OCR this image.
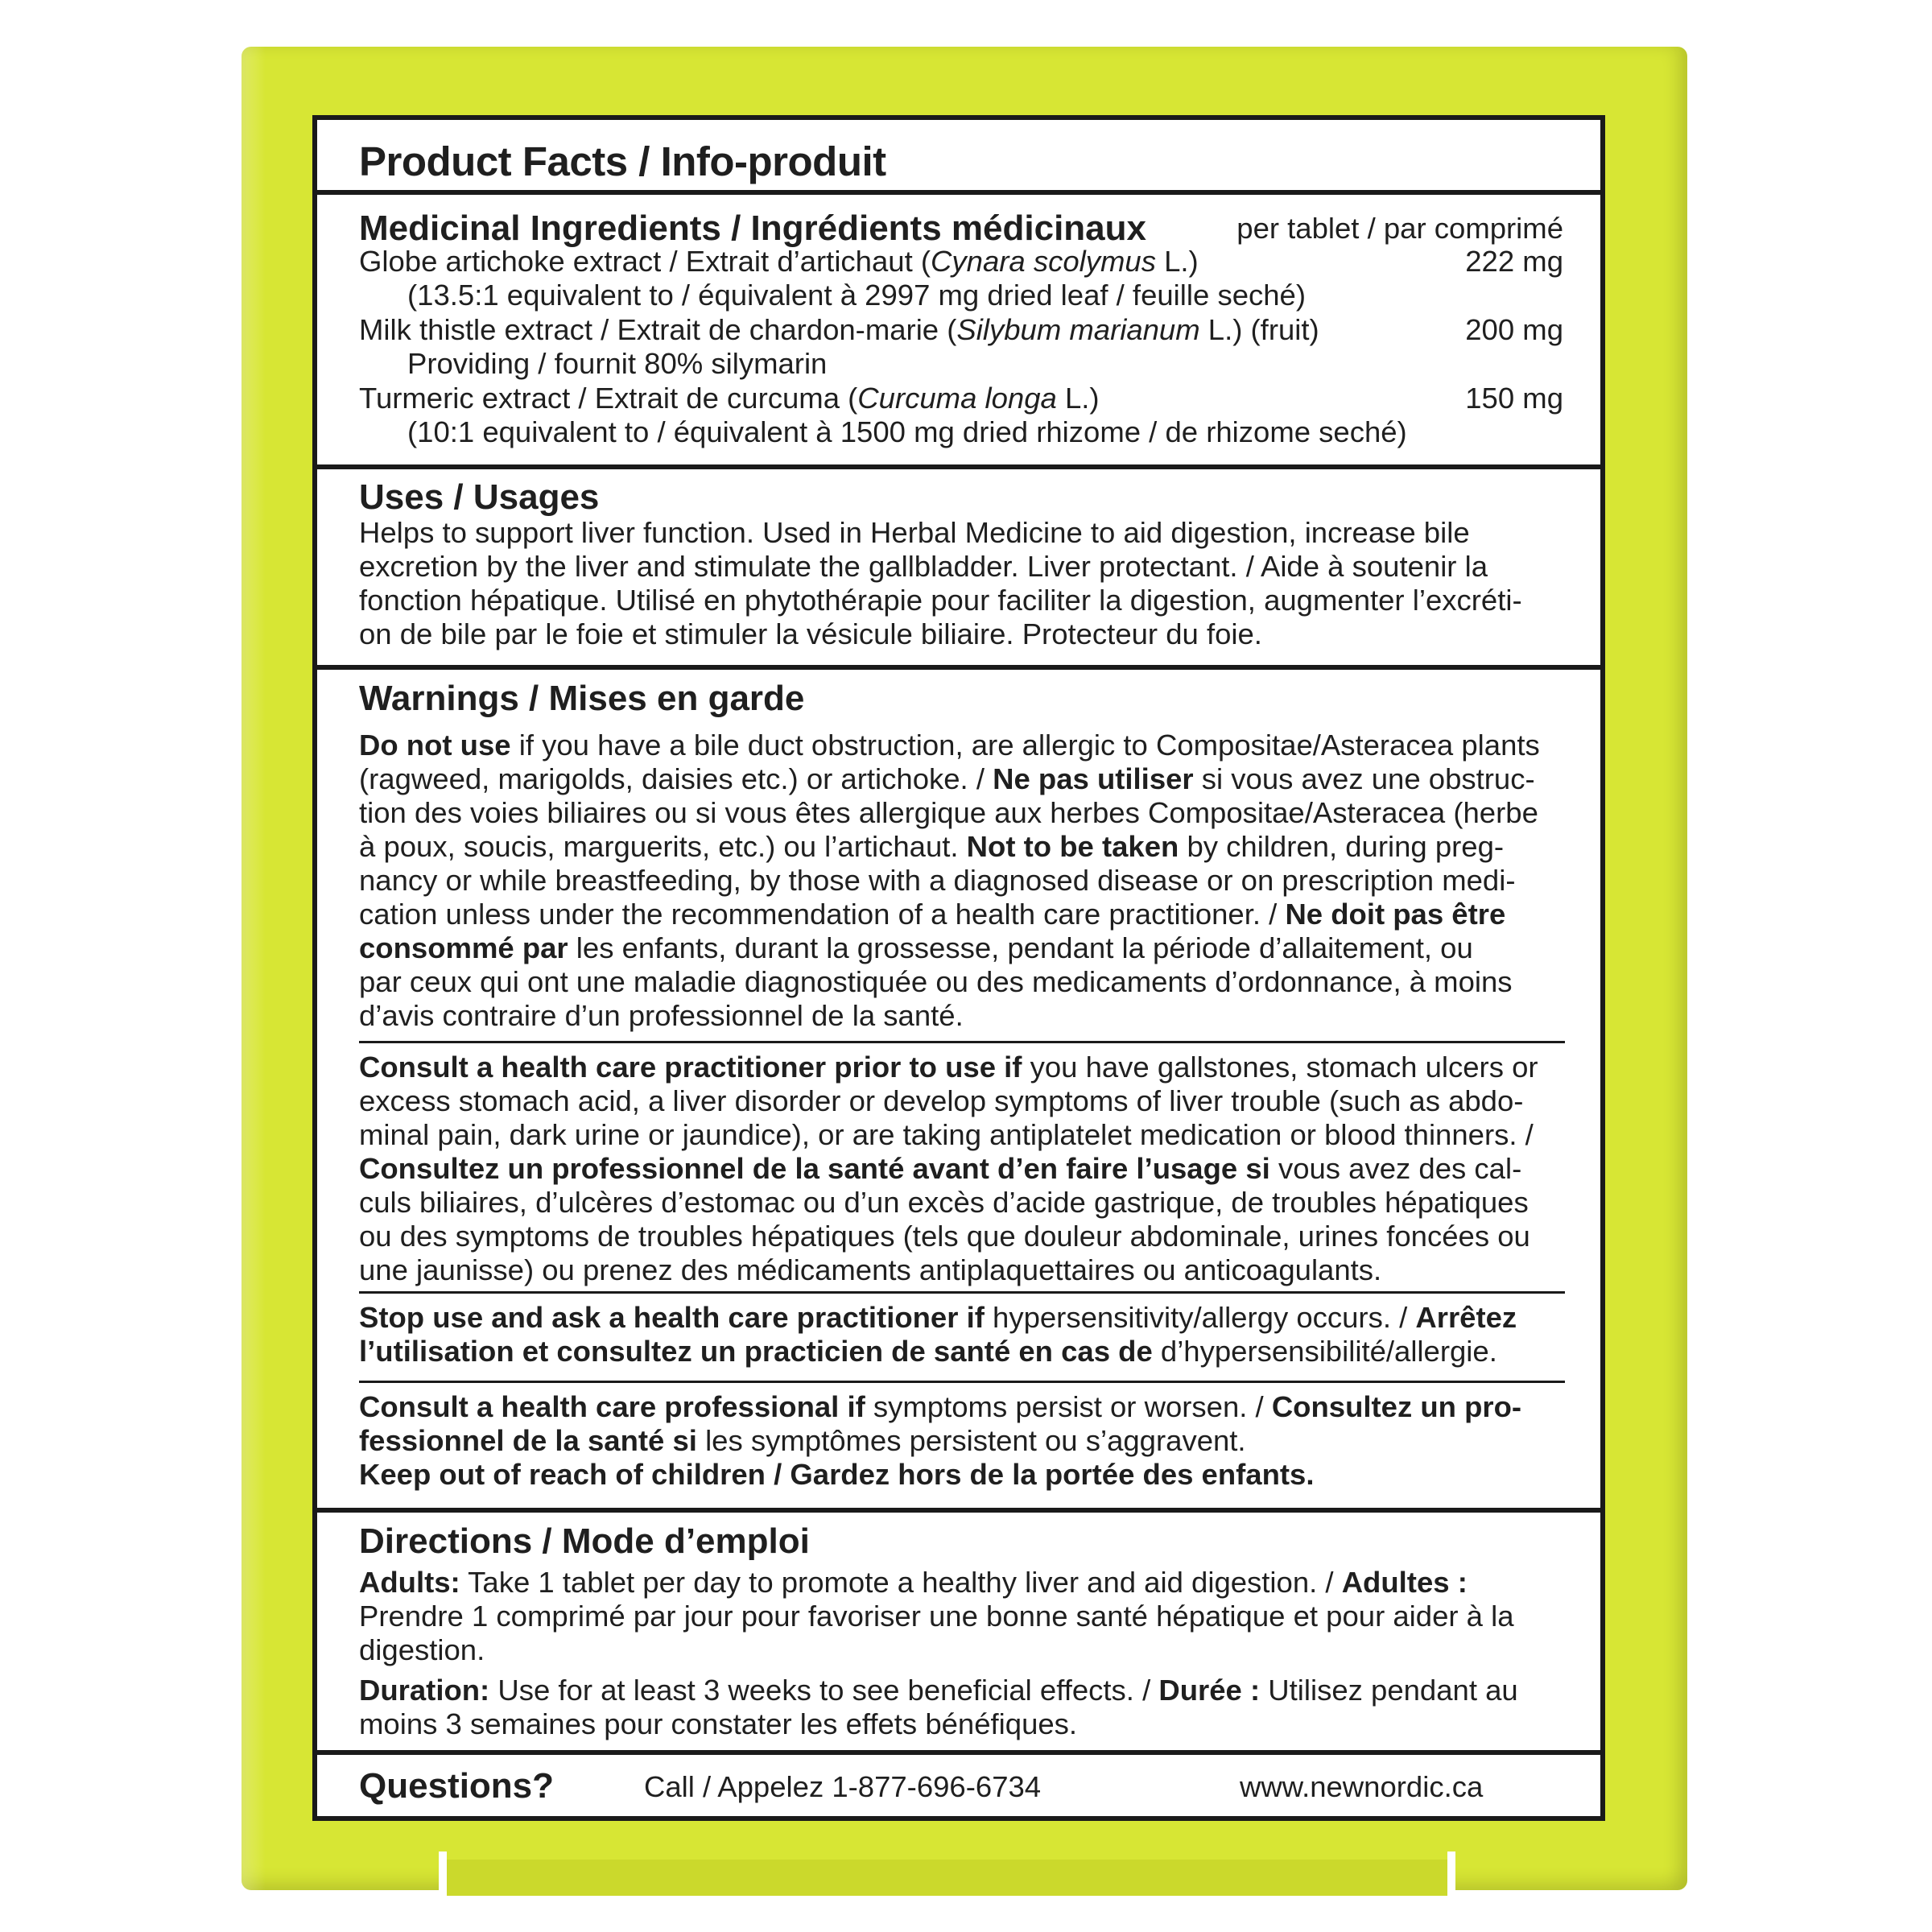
Product Facts / Info-produit

Medicinal Ingredients / Ingrédients médicinaux	per tablet / par comprimé

Globe artichoke extract / Extrait d’artichaut (Cynara scolymus L.)	222 mg

(13.5:1 equivalent to / équivalent à 2997 mg dried leaf / feuille seché)

Milk thistle extract / Extrait de chardon-marie (Silybum marianum L.) (fruit)	200 mg

Providing / fournit 80% silymarin

Turmeric extract / Extrait de curcuma (Curcuma longa L.)	150 mg

(10:1 equivalent to / équivalent à 1500 mg dried rhizome / de rhizome seché)

Uses / Usages

Helps to support liver function. Used in Herbal Medicine to aid digestion, increase bile
excretion by the liver and stimulate the gallbladder. Liver protectant. / Aide à soutenir la
fonction hépatique. Utilisé en phytothérapie pour faciliter la digestion, augmenter l’excréti-
on de bile par le foie et stimuler la vésicule biliaire. Protecteur du foie.

Warnings / Mises en garde

Do not use if you have a bile duct obstruction, are allergic to Compositae/Asteracea plants
(ragweed, marigolds, daisies etc.) or artichoke. / Ne pas utiliser si vous avez une obstruc-
tion des voies biliaires ou si vous êtes allergique aux herbes Compositae/Asteracea (herbe
à poux, soucis, marguerits, etc.) ou l’artichaut. Not to be taken by children, during preg-
nancy or while breastfeeding, by those with a diagnosed disease or on prescription medi-
cation unless under the recommendation of a health care practitioner. / Ne doit pas être
consommé par les enfants, durant la grossesse, pendant la période d’allaitement, ou
par ceux qui ont une maladie diagnostiquée ou des medicaments d’ordonnance, à moins
d’avis contraire d’un professionnel de la santé.

Consult a health care practitioner prior to use if you have gallstones, stomach ulcers or
excess stomach acid, a liver disorder or develop symptoms of liver trouble (such as abdo-
minal pain, dark urine or jaundice), or are taking antiplatelet medication or blood thinners. /
Consultez un professionnel de la santé avant d’en faire l’usage si vous avez des cal-
culs biliaires, d’ulcères d’estomac ou d’un excès d’acide gastrique, de troubles hépatiques
ou des symptoms de troubles hépatiques (tels que douleur abdominale, urines foncées ou
une jaunisse) ou prenez des médicaments antiplaquettaires ou anticoagulants.

Stop use and ask a health care practitioner if hypersensitivity/allergy occurs. / Arrêtez
l’utilisation et consultez un practicien de santé en cas de d’hypersensibilité/allergie.

Consult a health care professional if symptoms persist or worsen. / Consultez un pro-
fessionnel de la santé si les symptômes persistent ou s’aggravent.
Keep out of reach of children / Gardez hors de la portée des enfants.

Directions / Mode d’emploi

Adults: Take 1 tablet per day to promote a healthy liver and aid digestion. / Adultes :
Prendre 1 comprimé par jour pour favoriser une bonne santé hépatique et pour aider à la
digestion.

Duration: Use for at least 3 weeks to see beneficial effects. / Durée : Utilisez pendant au
moins 3 semaines pour constater les effets bénéfiques.

Questions?	Call / Appelez 1-877-696-6734	www.newnordic.ca
